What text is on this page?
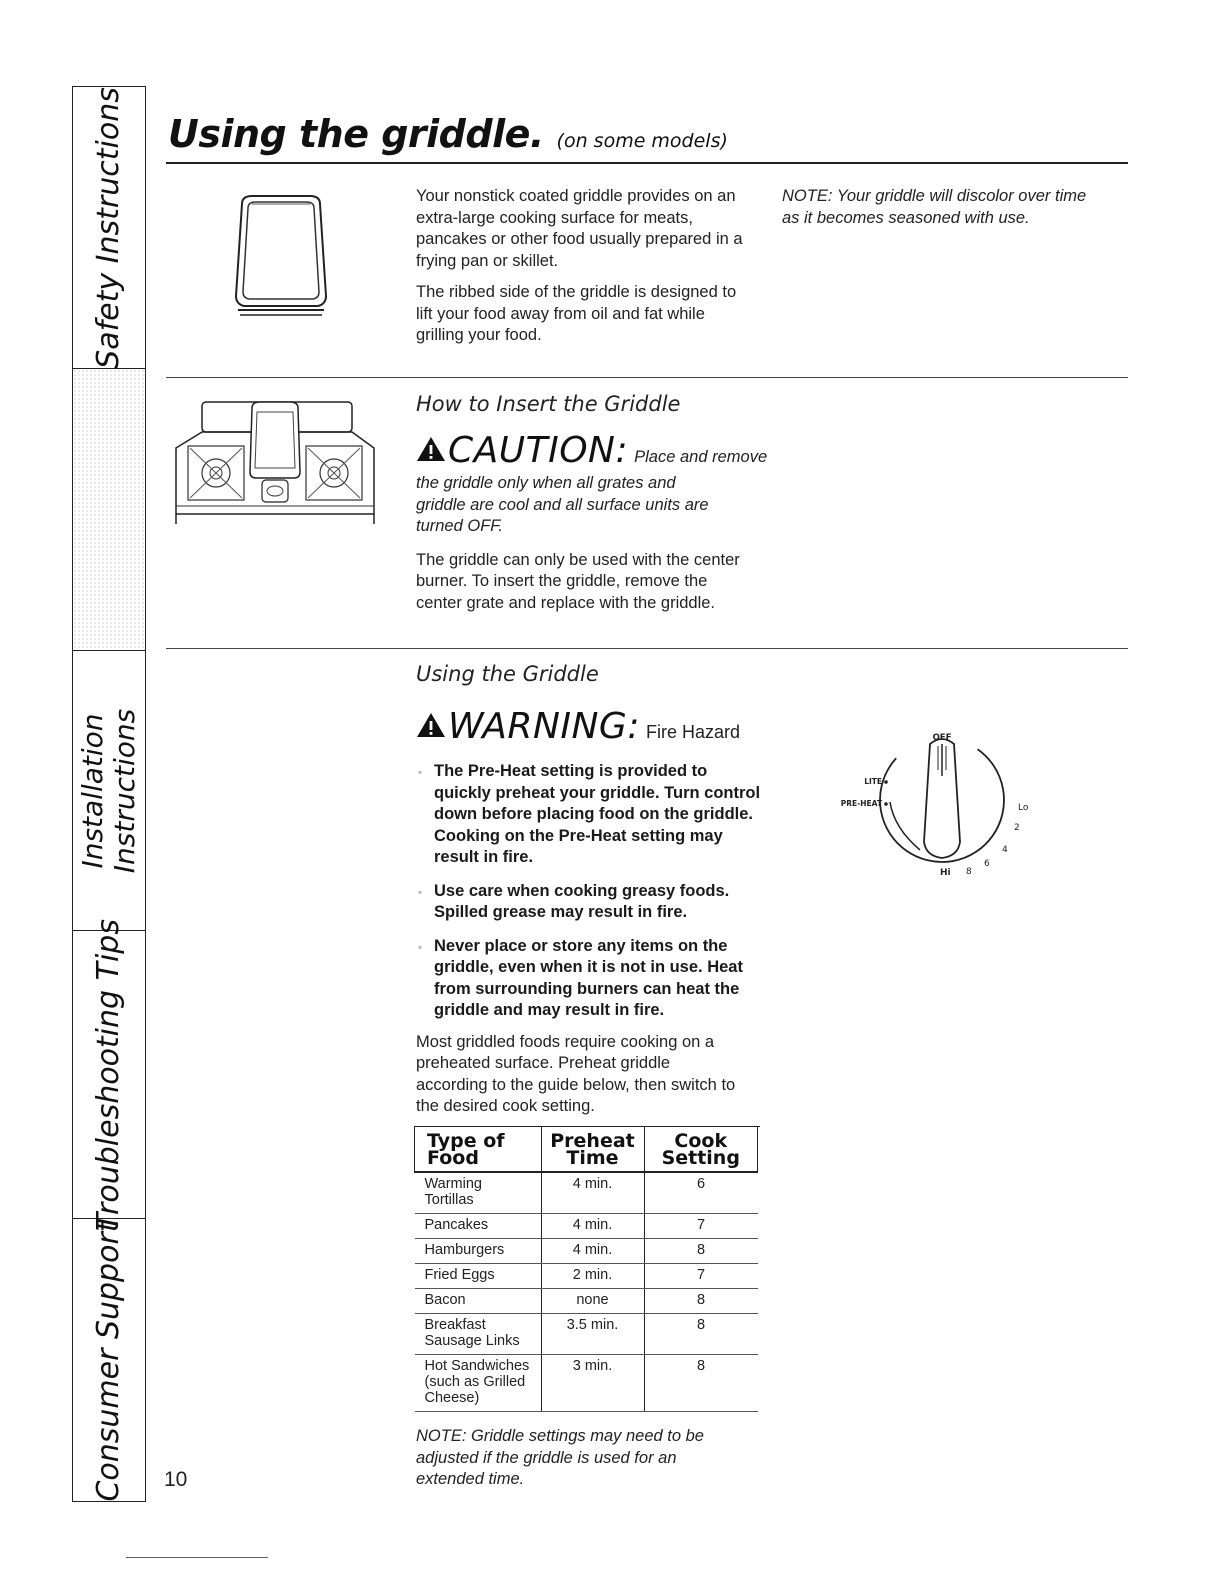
Safety Instructions
Installation Instructions
Troubleshooting Tips
Consumer Support
Using the griddle. (on some models)

Your nonstick coated griddle provides on an extra-large cooking surface for meats, pancakes or other food usually prepared in a frying pan or skillet.

The ribbed side of the griddle is designed to lift your food away from oil and fat while grilling your food.

NOTE: Your griddle will discolor over time as it becomes seasoned with use.
How to Insert the Griddle
CAUTION: Place and remove
the griddle only when all grates and griddle are cool and all surface units are turned OFF.
The griddle can only be used with the center burner. To insert the griddle, remove the center grate and replace with the griddle.
Using the Griddle
WARNING: Fire Hazard
▪ The Pre-Heat setting is provided to quickly preheat your griddle. Turn control down before placing food on the griddle. Cooking on the Pre-Heat setting may result in fire.
▪ Use care when cooking greasy foods. Spilled grease may result in fire.
▪ Never place or store any items on the griddle, even when it is not in use. Heat from surrounding burners can heat the griddle and may result in fire.
Most griddled foods require cooking on a preheated surface. Preheat griddle according to the guide below, then switch to the desired cook setting.
OFF
LITE
PRE-HEAT	Lo
2
4
6
8
Hi
Type of Food	Preheat Time	Cook Setting
Warming Tortillas	4 min.	6
Pancakes	4 min.	7
Hamburgers	4 min.	8
Fried Eggs	2 min.	7
Bacon	none	8
Breakfast Sausage Links	3.5 min.	8
Hot Sandwiches (such as Grilled Cheese)	3 min.	8
NOTE: Griddle settings may need to be adjusted if the griddle is used for an extended time.
10
